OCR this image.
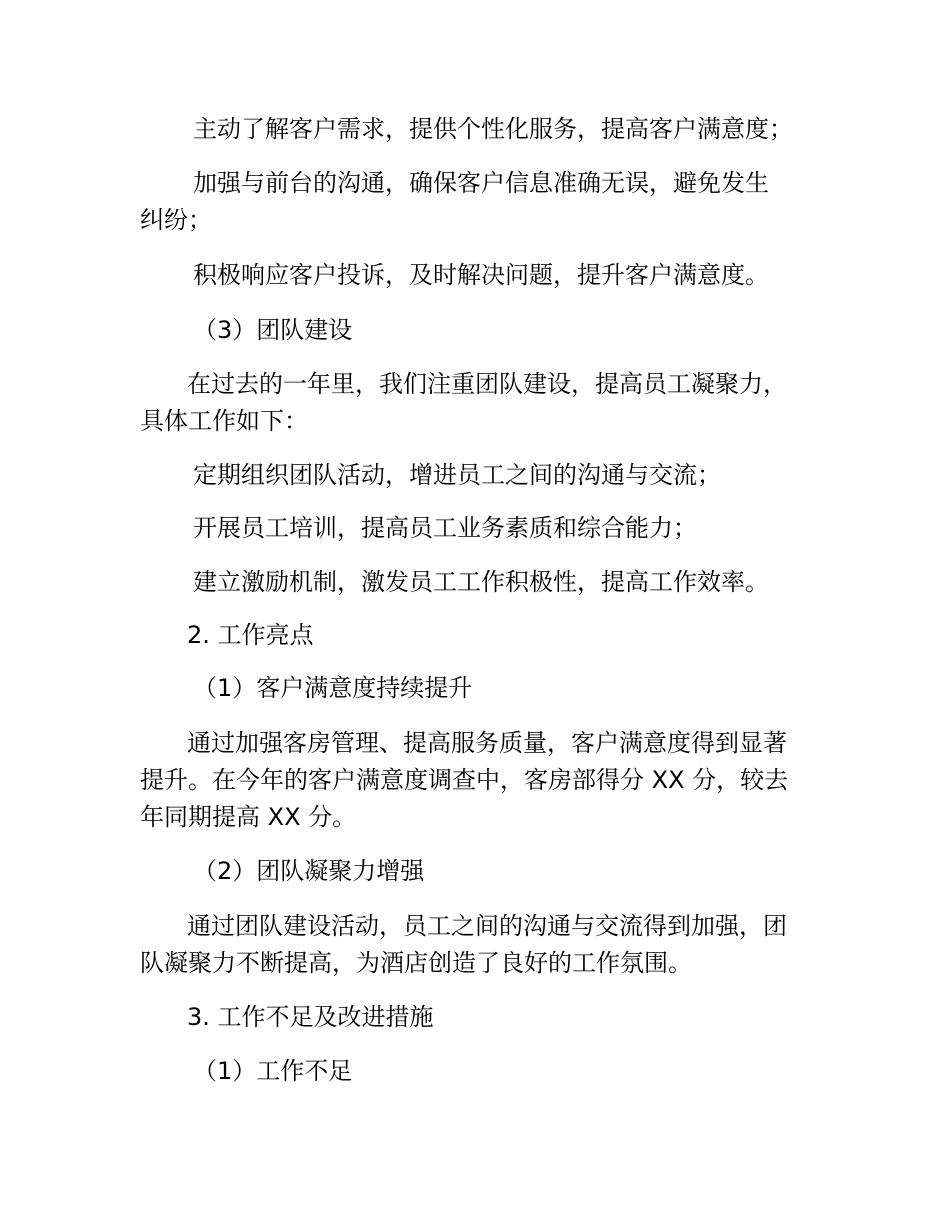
主动了解客户需求，提供个性化服务，提高客户满意度；
加强与前台的沟通，确保客户信息准确无误，避免发生
纠纷；
积极响应客户投诉，及时解决问题，提升客户满意度。
（3）团队建设
在过去的一年里，我们注重团队建设，提高员工凝聚力，
具体工作如下：
定期组织团队活动，增进员工之间的沟通与交流；
开展员工培训，提高员工业务素质和综合能力；
建立激励机制，激发员工工作积极性，提高工作效率。
2. 工作亮点
（1）客户满意度持续提升
通过加强客房管理、提高服务质量，客户满意度得到显著
提升。在今年的客户满意度调查中，客房部得分 XX 分，较去
年同期提高 XX 分。
（2）团队凝聚力增强
通过团队建设活动，员工之间的沟通与交流得到加强，团
队凝聚力不断提高，为酒店创造了良好的工作氛围。
3. 工作不足及改进措施
（1）工作不足
